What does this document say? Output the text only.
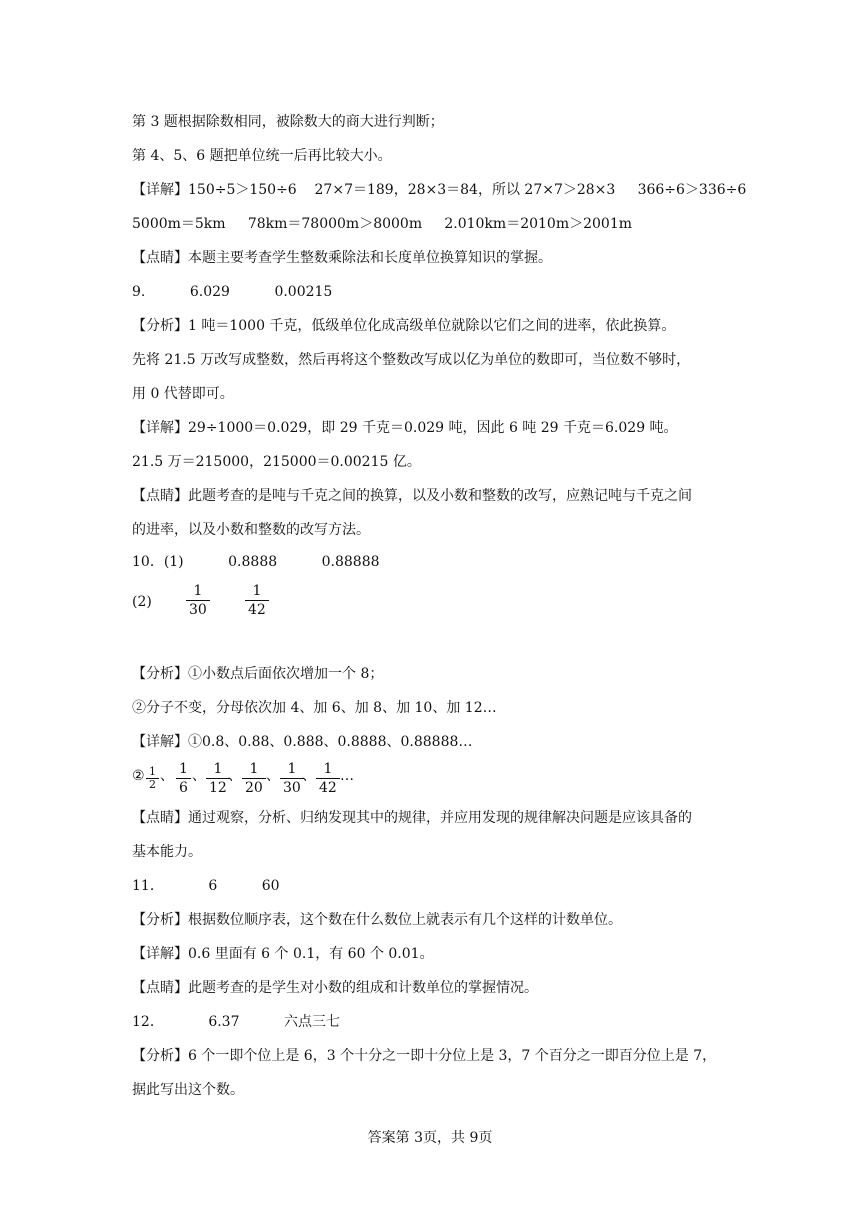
第 3 题根据除数相同，被除数大的商大进行判断；
第 4、5、6 题把单位统一后再比较大小。
【详解】150÷5＞150÷6    27×7＝189，28×3＝84，所以 27×7＞28×3     366÷6＞336÷6
5000m＝5km     78km＝78000m＞8000m     2.010km＝2010m＞2001m
【点睛】本题主要考查学生整数乘除法和长度单位换算知识的掌握。
9.          6.029          0.00215
【分析】1 吨＝1000 千克，低级单位化成高级单位就除以它们之间的进率，依此换算。
先将 21.5 万改写成整数，然后再将这个整数改写成以亿为单位的数即可，当位数不够时，
用 0 代替即可。
【详解】29÷1000＝0.029，即 29 千克＝0.029 吨，因此 6 吨 29 千克＝6.029 吨。
21.5 万＝215000，215000＝0.00215 亿。
【点睛】此题考查的是吨与千克之间的换算，以及小数和整数的改写，应熟记吨与千克之间
的进率，以及小数和整数的改写方法。
10．(1)          0.8888          0.88888
$(2) \frac{1}{30}$	$\frac{1}{42}$
【分析】①小数点后面依次增加一个 8；
②分子不变，分母依次加 4、加 6、加 8、加 10、加 12…
【详解】①0.8、0.88、0.888、0.8888、0.88888…
② $\frac{1}{2}$ 、 $\frac{1}{6}$ 、 $\frac{1}{12}$
、 $\frac{1}{20}$ 、 $\frac{1}{30}$
、 $\frac{1}{42}$ …
【点睛】通过观察，分析、归纳发现其中的规律，并应用发现的规律解决问题是应该具备的
基本能力。
11．          6          60
【分析】根据数位顺序表，这个数在什么数位上就表示有几个这样的计数单位。
【详解】0.6 里面有 6 个 0.1，有 60 个 0.01。
【点睛】此题考查的是学生对小数的组成和计数单位的掌握情况。
12．          6.37          六点三七
【分析】6 个一即个位上是 6，3 个十分之一即十分位上是 3，7 个百分之一即百分位上是 7，
据此写出这个数。
答案第 3页，共 9页
